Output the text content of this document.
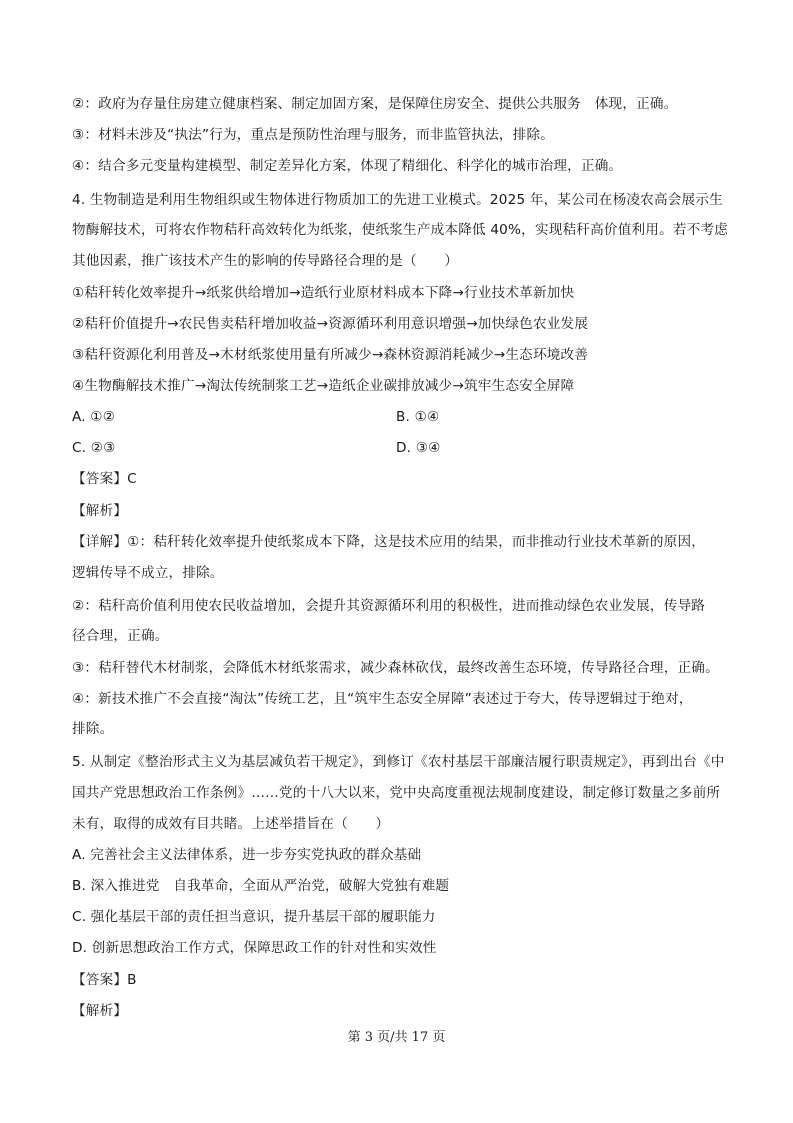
②：政府为存量住房建立健康档案、制定加固方案，是保障住房安全、提供公共服务　体现，正确。
③：材料未涉及“执法”行为，重点是预防性治理与服务，而非监管执法，排除。
④：结合多元变量构建模型、制定差异化方案，体现了精细化、科学化的城市治理，正确。
4. 生物制造是利用生物组织或生物体进行物质加工的先进工业模式。2025 年，某公司在杨凌农高会展示生
物酶解技术，可将农作物秸秆高效转化为纸浆，使纸浆生产成本降低 40%，实现秸秆高价值利用。若不考虑
其他因素，推广该技术产生的影响的传导路径合理的是（　　）
①秸秆转化效率提升→纸浆供给增加→造纸行业原材料成本下降→行业技术革新加快
②秸秆价值提升→农民售卖秸秆增加收益→资源循环利用意识增强→加快绿色农业发展
③秸秆资源化利用普及→木材纸浆使用量有所减少→森林资源消耗减少→生态环境改善
④生物酶解技术推广→淘汰传统制浆工艺→造纸企业碳排放减少→筑牢生态安全屏障
A. ①②	B. ①④
C. ②③	D. ③④
【答案】C
【解析】
【详解】①：秸秆转化效率提升使纸浆成本下降，这是技术应用的结果，而非推动行业技术革新的原因，
逻辑传导不成立，排除。
②：秸秆高价值利用使农民收益增加，会提升其资源循环利用的积极性，进而推动绿色农业发展，传导路
径合理，正确。
③：秸秆替代木材制浆，会降低木材纸浆需求，减少森林砍伐，最终改善生态环境，传导路径合理，正确。
④：新技术推广不会直接“淘汰”传统工艺，且“筑牢生态安全屏障”表述过于夸大，传导逻辑过于绝对，
排除。
5. 从制定《整治形式主义为基层减负若干规定》，到修订《农村基层干部廉洁履行职责规定》，再到出台《中
国共产党思想政治工作条例》……党的十八大以来，党中央高度重视法规制度建设，制定修订数量之多前所
未有，取得的成效有目共睹。上述举措旨在（　　）
A. 完善社会主义法律体系，进一步夯实党执政的群众基础
B. 深入推进党　自我革命，全面从严治党，破解大党独有难题
C. 强化基层干部的责任担当意识，提升基层干部的履职能力
D. 创新思想政治工作方式，保障思政工作的针对性和实效性
【答案】B
【解析】
第 3 页/共 17 页
